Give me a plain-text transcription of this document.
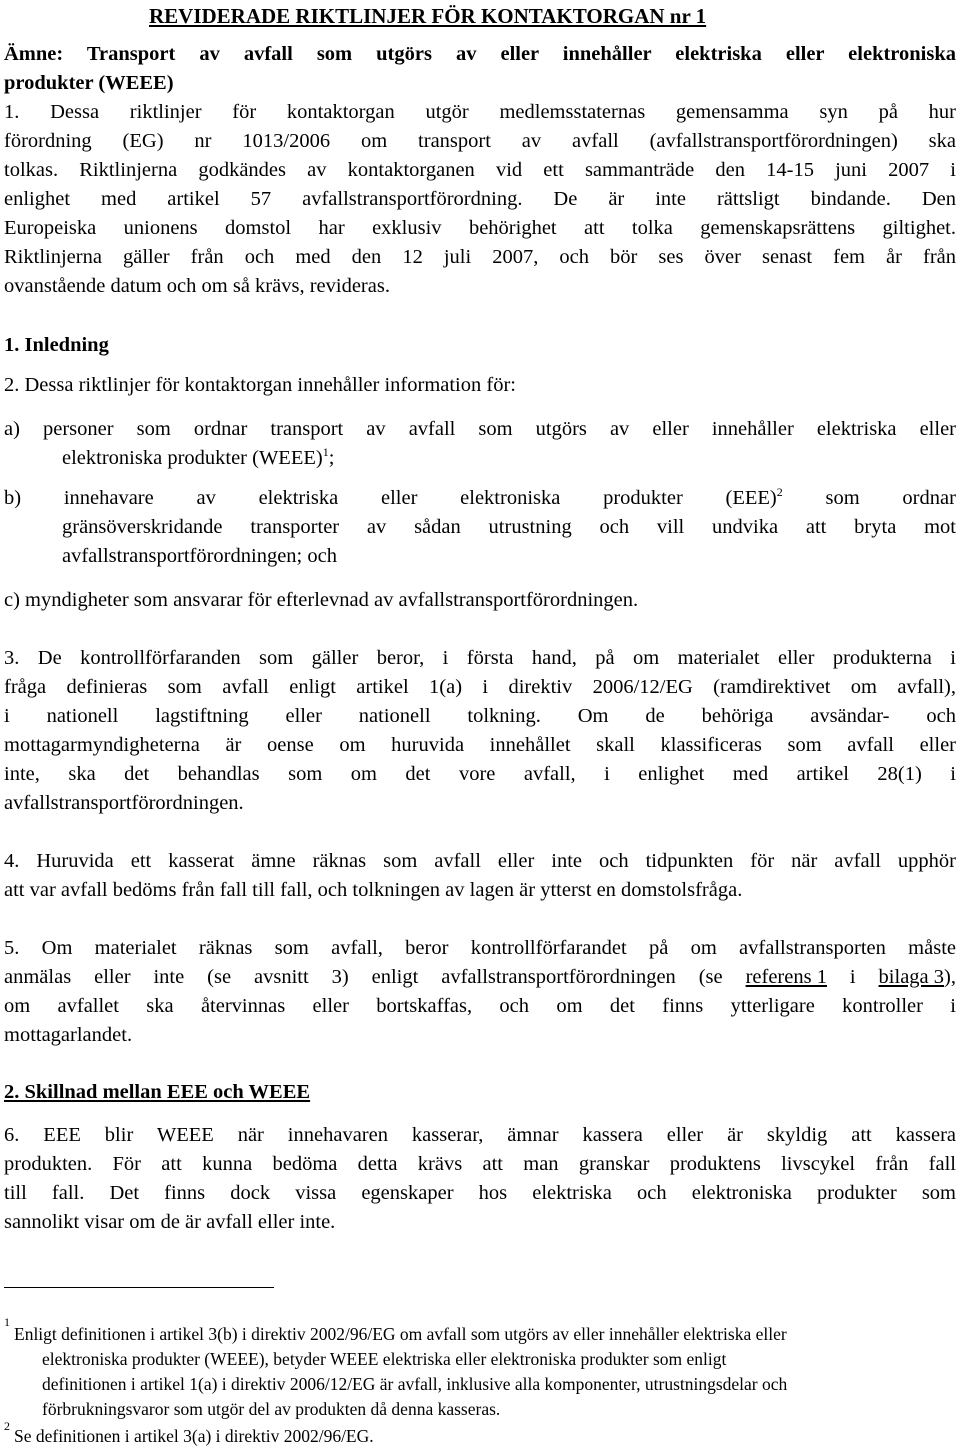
REVIDERADE RIKTLINJER FÖR KONTAKTORGAN nr 1
Ämne: Transport av avfall som utgörs av eller innehåller elektriska eller elektroniska
produkter (WEEE)
1. Dessa riktlinjer för kontaktorgan utgör medlemsstaternas gemensamma syn på hur
förordning (EG) nr 1013/2006 om transport av avfall (avfallstransportförordningen) ska
tolkas. Riktlinjerna godkändes av kontaktorganen vid ett sammanträde den 14-15 juni 2007 i
enlighet med artikel 57 avfallstransportförordning. De är inte rättsligt bindande. Den
Europeiska unionens domstol har exklusiv behörighet att tolka gemenskapsrättens giltighet.
Riktlinjerna gäller från och med den 12 juli 2007, och bör ses över senast fem år från
ovanstående datum och om så krävs, revideras.
1. Inledning
2. Dessa riktlinjer för kontaktorgan innehåller information för:
a) personer som ordnar transport av avfall som utgörs av eller innehåller elektriska eller
elektroniska produkter (WEEE)$^1$;
b) innehavare av elektriska eller elektroniska produkter (EEE)$^2$ som ordnar
gränsöverskridande transporter av sådan utrustning och vill undvika att bryta mot
avfallstransportförordningen; och
c) myndigheter som ansvarar för efterlevnad av avfallstransportförordningen.
3. De kontrollförfaranden som gäller beror, i första hand, på om materialet eller produkterna i
fråga definieras som avfall enligt artikel 1(a) i direktiv 2006/12/EG (ramdirektivet om avfall),
i nationell lagstiftning eller nationell tolkning. Om de behöriga avsändar- och
mottagarmyndigheterna är oense om huruvida innehållet skall klassificeras som avfall eller
inte, ska det behandlas som om det vore avfall, i enlighet med artikel 28(1) i
avfallstransportförordningen.
4. Huruvida ett kasserat ämne räknas som avfall eller inte och tidpunkten för när avfall upphör
att var avfall bedöms från fall till fall, och tolkningen av lagen är ytterst en domstolsfråga.
5. Om materialet räknas som avfall, beror kontrollförfarandet på om avfallstransporten måste
anmälas eller inte (se avsnitt 3) enligt avfallstransportförordningen (se referens 1 i bilaga 3),
om avfallet ska återvinnas eller bortskaffas, och om det finns ytterligare kontroller i
mottagarlandet.
2. Skillnad mellan EEE och WEEE
6. EEE blir WEEE när innehavaren kasserar, ämnar kassera eller är skyldig att kassera
produkten. För att kunna bedöma detta krävs att man granskar produktens livscykel från fall
till fall. Det finns dock vissa egenskaper hos elektriska och elektroniska produkter som
sannolikt visar om de är avfall eller inte.
1
Enligt definitionen i artikel 3(b) i direktiv 2002/96/EG om avfall som utgörs av eller innehåller elektriska eller
elektroniska produkter (WEEE), betyder WEEE elektriska eller elektroniska produkter som enligt
definitionen i artikel 1(a) i direktiv 2006/12/EG är avfall, inklusive alla komponenter, utrustningsdelar och
förbrukningsvaror som utgör del av produkten då denna kasseras.
2 Se definitionen i artikel 3(a) i direktiv 2002/96/EG.
